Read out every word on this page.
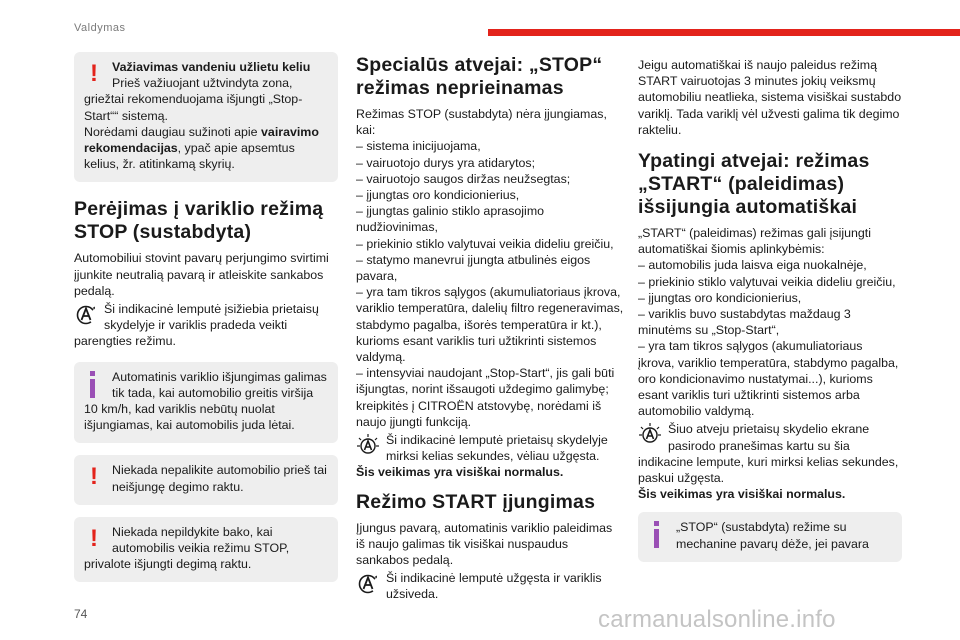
Valdymas
!	Važiavimas vandeniu užlietu keliu

Prieš važiuojant užtvindyta zona, griežtai rekomenduojama išjungti „Stop-Start““ sistemą.

Norėdami daugiau sužinoti apie vairavimo rekomendacijas, ypač apie apsemtus kelius, žr. atitinkamą skyrių.

Perėjimas į variklio režimą STOP (sustabdyta)

Automobiliui stovint pavarų perjungimo svirtimi įjunkite neutralią pavarą ir atleiskite sankabos pedalą.

Ši indikacinė lemputė įsižiebia prietaisų skydelyje ir variklis pradeda veikti parengties režimu.

Automatinis variklio išjungimas galimas tik tada, kai automobilio greitis viršija 10 km/h, kad variklis nebūtų nuolat išjungiamas, kai automobilis juda lėtai.

!	Niekada nepalikite automobilio prieš tai neišjungę degimo raktu.

!	Niekada nepildykite bako, kai automobilis veikia režimu STOP, privalote išjungti degimą raktu.

Specialūs atvejai: „STOP“ režimas neprieinamas

Režimas STOP (sustabdyta) nėra įjungiamas, kai:

– sistema inicijuojama,

– vairuotojo durys yra atidarytos;

– vairuotojo saugos diržas neužsegtas;

– įjungtas oro kondicionierius,

– įjungtas galinio stiklo aprasojimo nudžiovinimas,

– priekinio stiklo valytuvai veikia dideliu greičiu,

– statymo manevrui įjungta atbulinės eigos pavara,

– yra tam tikros sąlygos (akumuliatoriaus įkrova, variklio temperatūra, dalelių filtro regeneravimas, stabdymo pagalba, išorės temperatūra ir kt.), kurioms esant variklis turi užtikrinti sistemos valdymą.

– intensyviai naudojant „Stop-Start“, jis gali būti išjungtas, norint išsaugoti uždegimo galimybę; kreipkitės į CITROËN atstovybę, norėdami iš naujo įjungti funkciją.

Ši indikacinė lemputė prietaisų skydelyje mirksi kelias sekundes, vėliau užgęsta.

Šis veikimas yra visiškai normalus.

Režimo START įjungimas

Įjungus pavarą, automatinis variklio paleidimas iš naujo galimas tik visiškai nuspaudus sankabos pedalą.

Ši indikacinė lemputė užgęsta ir variklis užsiveda.

Jeigu automatiškai iš naujo paleidus režimą START vairuotojas 3 minutes jokių veiksmų automobiliu neatlieka, sistema visiškai sustabdo variklį. Tada variklį vėl užvesti galima tik degimo rakteliu.

Ypatingi atvejai: režimas „START“ (paleidimas) išsijungia automatiškai

„START“ (paleidimas) režimas gali įsijungti automatiškai šiomis aplinkybėmis:

– automobilis juda laisva eiga nuokalnėje,

– priekinio stiklo valytuvai veikia dideliu greičiu,

– įjungtas oro kondicionierius,

– variklis buvo sustabdytas maždaug 3 minutėms su „Stop-Start“,

– yra tam tikros sąlygos (akumuliatoriaus įkrova, variklio temperatūra, stabdymo pagalba, oro kondicionavimo nustatymai...), kurioms esant variklis turi užtikrinti sistemos arba automobilio valdymą.

Šiuo atveju prietaisų skydelio ekrane pasirodo pranešimas kartu su šia indikacine lempute, kuri mirksi kelias sekundes, paskui užgęsta.

Šis veikimas yra visiškai normalus.

„STOP“ (sustabdyta) režime su mechanine pavarų dėže, jei pavara

74	carmanualsonline.info
